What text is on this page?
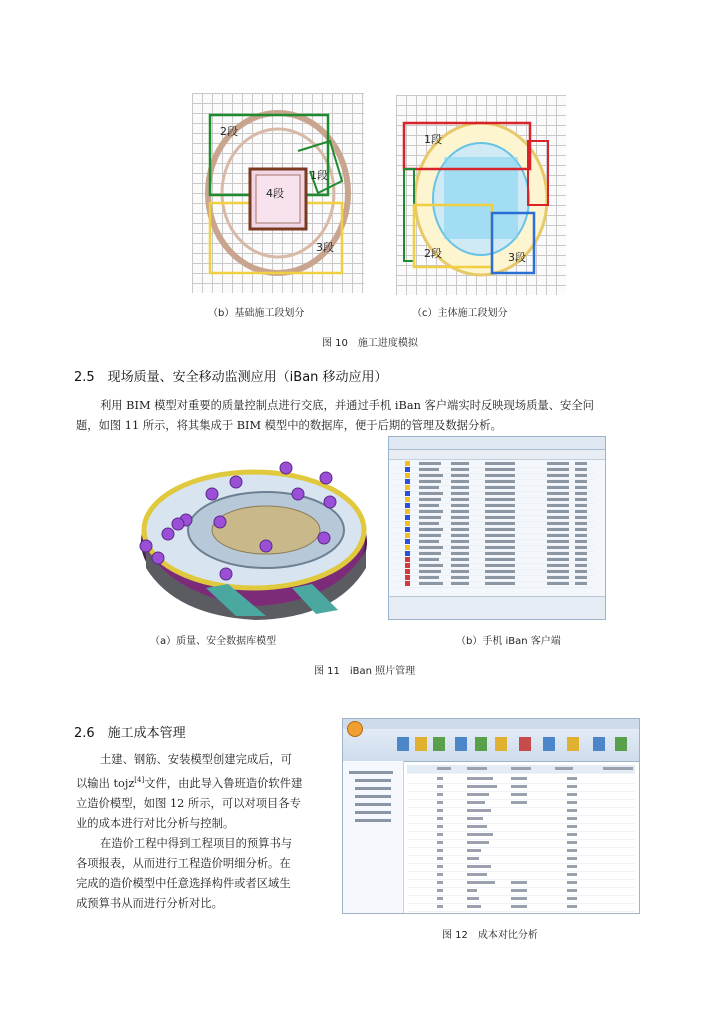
2段
1段
4段
3段
1段
2段	3段
（b）基础施工段划分	（c）主体施工段划分
图 10　施工进度模拟
2.5　现场质量、安全移动监测应用（iBan 移动应用）
利用 BIM 模型对重要的质量控制点进行交底，并通过手机 iBan 客户端实时反映现场质量、安全问
题，如图 11 所示，将其集成于 BIM 模型中的数据库，便于后期的管理及数据分析。
（a）质量、安全数据库模型	（b）手机 iBan 客户端
图 11　iBan 照片管理
2.6　施工成本管理
土建、钢筋、安装模型创建完成后，可
以输出 tojz[4]文件，由此导入鲁班造价软件建
立造价模型，如图 12 所示，可以对项目各专
业的成本进行对比分析与控制。
在造价工程中得到工程项目的预算书与
各项报表，从而进行工程造价明细分析。在
完成的造价模型中任意选择构件或者区域生
成预算书从而进行分析对比。
图 12　成本对比分析
